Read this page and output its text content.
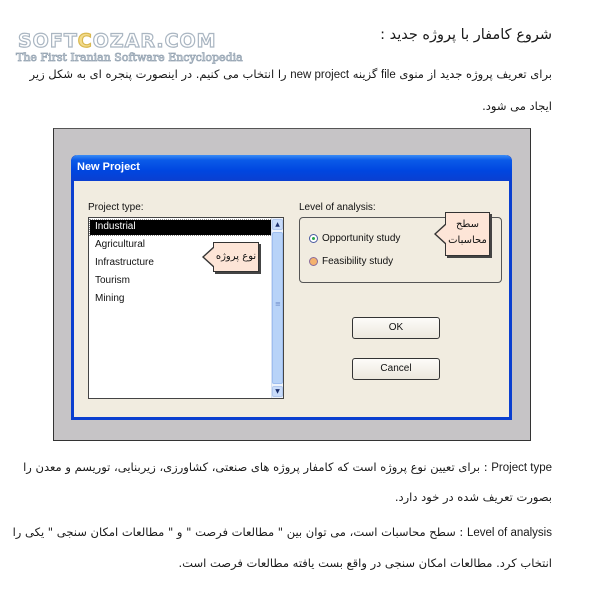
SOFTCOZAR.COM
The First Iranian Software Encyclopedia
شروع کامفار با پروژه جدید :
برای تعریف پروژه جدید از منوی file گزینه new project را انتخاب می کنیم. در اینصورت پنجره ای به شکل زیر
ایجاد می شود.
New Project
Project type:
Industrial
Agricultural
Infrastructure
Tourism
Mining	≡
▲
▼
نوع پروژه
Level of analysis:
Opportunity study
Feasibility study
سطح
محاسبات
OK
Cancel
Project type : برای تعیین نوع پروژه است که کامفار پروژه های صنعتی، کشاورزی، زیربنایی، توریسم و معدن را
بصورت تعریف شده در خود دارد.
Level of analysis : سطح محاسبات است، می توان بین " مطالعات فرصت " و " مطالعات امکان سنجی " یکی را
انتخاب کرد. مطالعات امکان سنجی در واقع بست یافته مطالعات فرصت است.
